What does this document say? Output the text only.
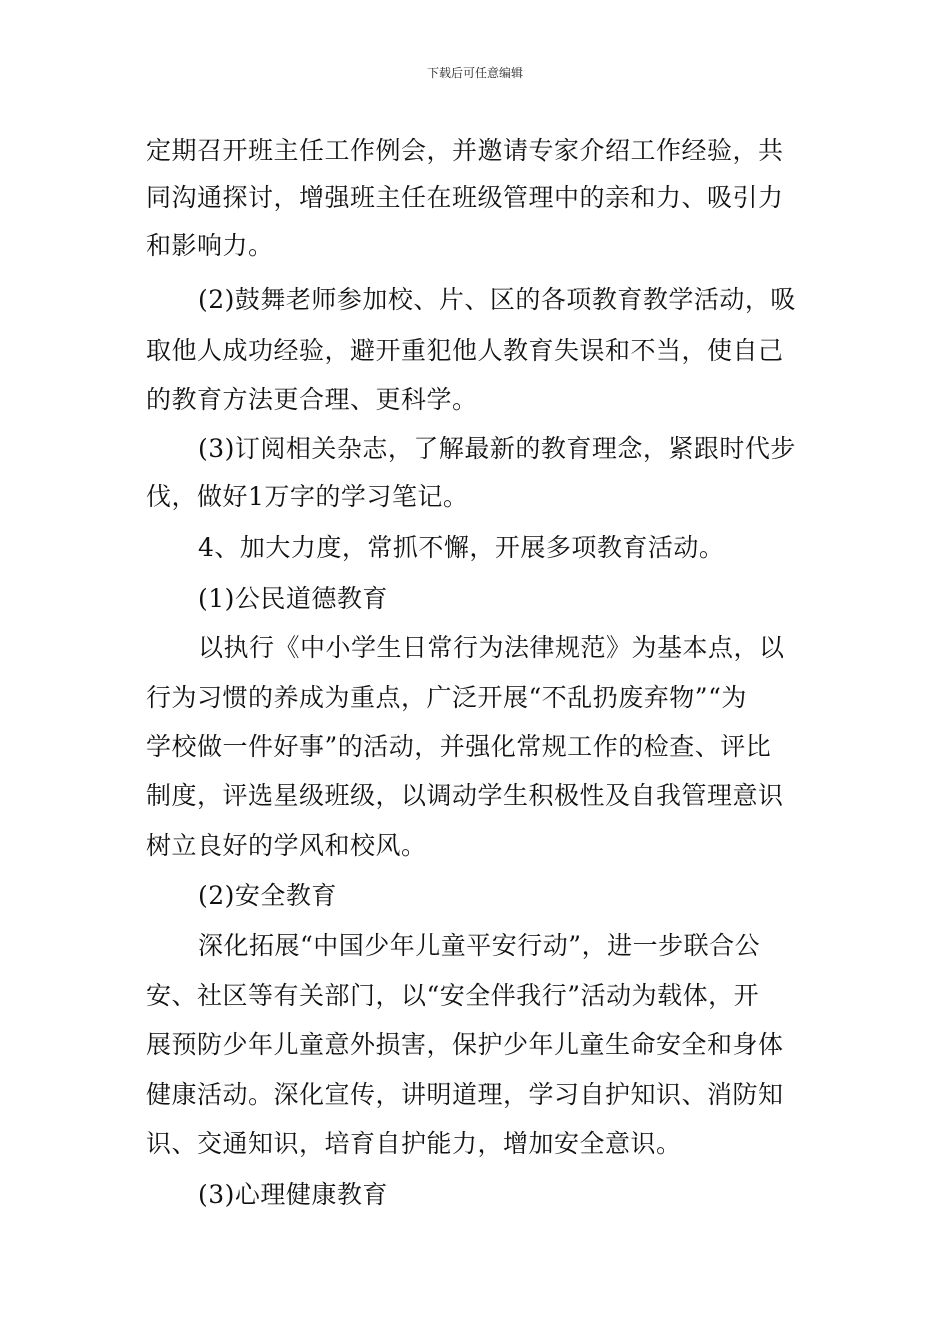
下载后可任意编辑
定期召开班主任工作例会，并邀请专家介绍工作经验，共
同沟通探讨，增强班主任在班级管理中的亲和力、吸引力
和影响力。
(2)鼓舞老师参加校、片、区的各项教育教学活动，吸
取他人成功经验，避开重犯他人教育失误和不当，使自己
的教育方法更合理、更科学。
(3)订阅相关杂志，了解最新的教育理念，紧跟时代步
伐，做好1万字的学习笔记。
4、加大力度，常抓不懈，开展多项教育活动。
(1)公民道德教育
以执行《中小学生日常行为法律规范》为基本点，以
行为习惯的养成为重点，广泛开展“不乱扔废弃物”“为
学校做一件好事”的活动，并强化常规工作的检查、评比
制度，评选星级班级，以调动学生积极性及自我管理意识
树立良好的学风和校风。
(2)安全教育
深化拓展“中国少年儿童平安行动”，进一步联合公
安、社区等有关部门，以“安全伴我行”活动为载体，开
展预防少年儿童意外损害，保护少年儿童生命安全和身体
健康活动。深化宣传，讲明道理，学习自护知识、消防知
识、交通知识，培育自护能力，增加安全意识。
(3)心理健康教育
